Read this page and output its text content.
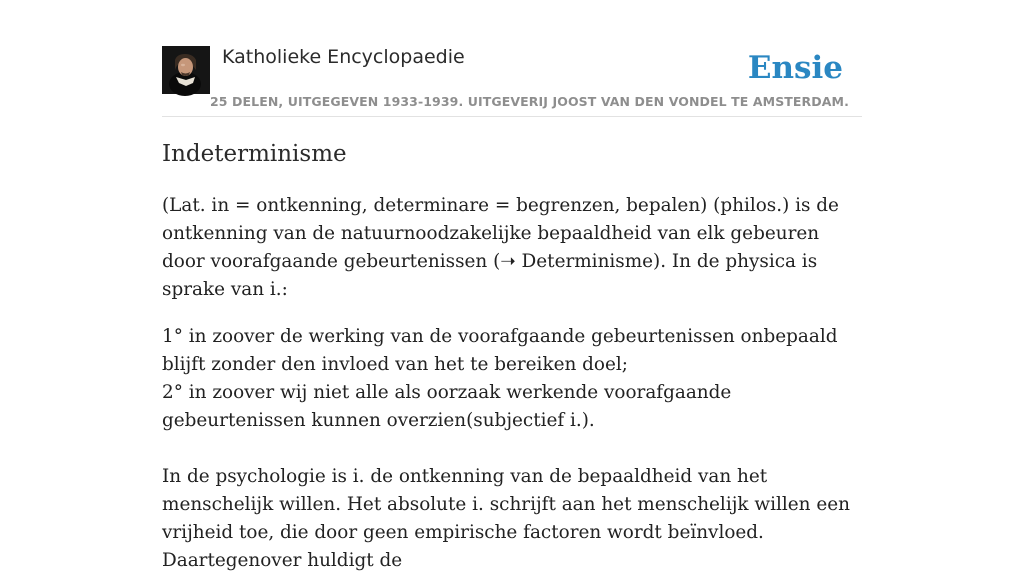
Katholieke Encyclopaedie	Ensie
25 DELEN, UITGEGEVEN 1933-1939. UITGEVERIJ JOOST VAN DEN VONDEL TE AMSTERDAM.
Indeterminisme

(Lat. in = ontkenning, determinare = begrenzen, bepalen) (philos.) is de ontkenning van de natuurnoodzakelijke bepaaldheid van elk gebeuren door voorafgaande gebeurtenissen (➝ Determinisme). In de physica is sprake van i.:

1° in zoover de werking van de voorafgaande gebeurtenissen onbepaald blijft zonder den invloed van het te bereiken doel;
2° in zoover wij niet alle als oorzaak werkende voorafgaande gebeurtenissen kunnen overzien(subjectief i.).

In de psychologie is i. de ontkenning van de bepaaldheid van het menschelijk willen. Het absolute i. schrijft aan het menschelijk willen een vrijheid toe, die door geen empirische factoren wordt beïnvloed. Daartegenover huldigt de
